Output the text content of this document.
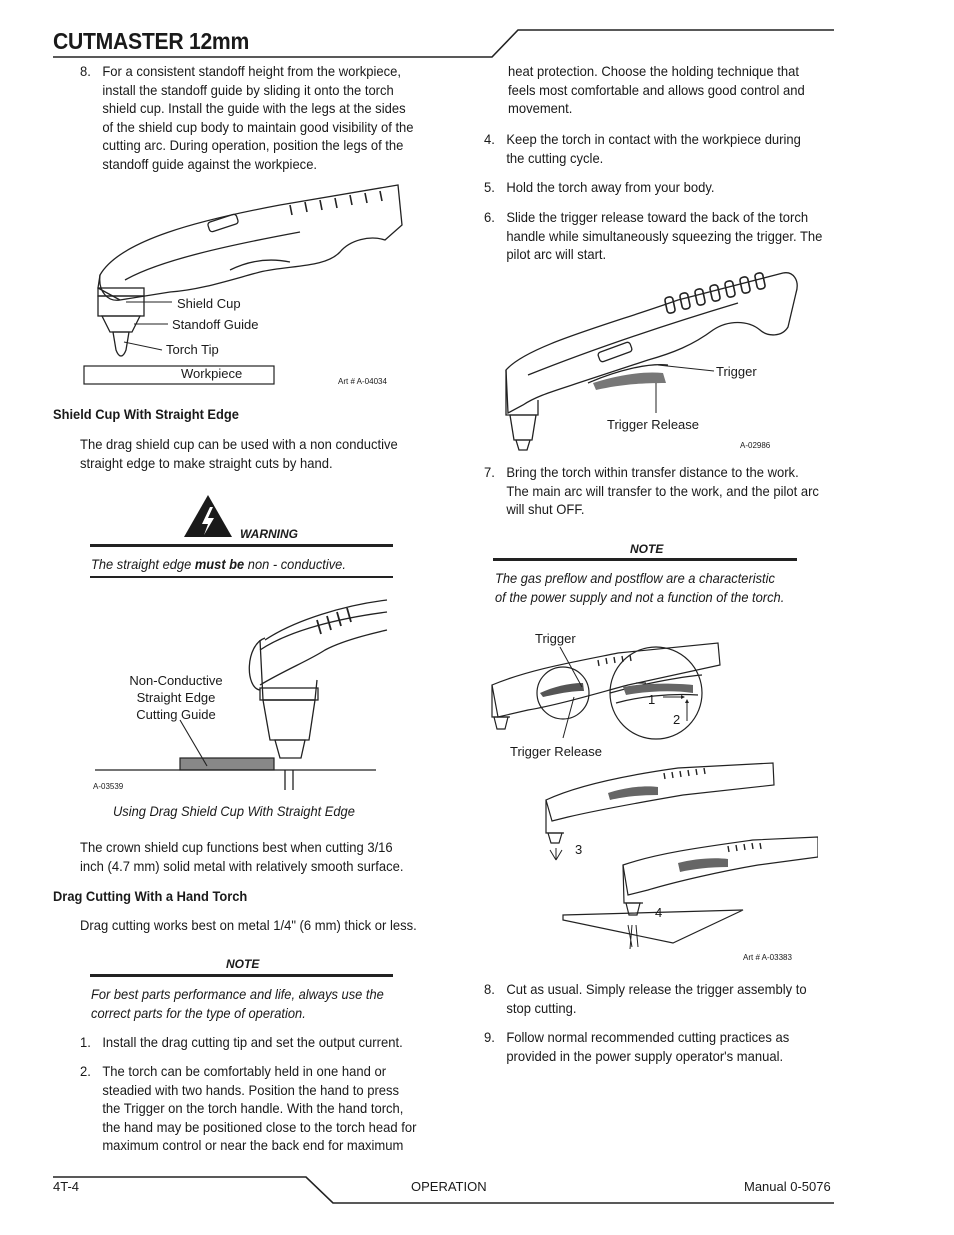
CUTMASTER 12mm
8. For a consistent standoff height from the workpiece,
install the standoff guide by sliding it onto the torch
shield cup. Install the guide with the legs at the sides
of the shield cup body to maintain good visibility of the
cutting arc. During operation, position the legs of the
standoff guide against the workpiece.
Shield Cup
Standoff Guide
Torch Tip
Workpiece
Art # A-04034
Shield Cup With Straight Edge
The drag shield cup can be used with a non conductive
straight edge to make straight cuts by hand.
WARNING
The straight edge must be non - conductive.
Non-Conductive
Straight Edge
Cutting Guide
A-03539
Using Drag Shield Cup With Straight Edge
The crown shield cup functions best when cutting 3/16
inch (4.7 mm) solid metal with relatively smooth surface.
Drag Cutting With a Hand Torch
Drag cutting works best on metal 1/4" (6 mm) thick or less.
NOTE
For best parts performance and life, always use the
correct parts for the type of operation.
1. Install the drag cutting tip and set the output current.
2. The torch can be comfortably held in one hand or
steadied with two hands. Position the hand to press
the Trigger on the torch handle. With the hand torch,
the hand may be positioned close to the torch head for
maximum control or near the back end for maximum
heat protection. Choose the holding technique that
feels most comfortable and allows good control and
movement.
4. Keep the torch in contact with the workpiece during
the cutting cycle.
5. Hold the torch away from your body.
6. Slide the trigger release toward the back of the torch
handle while simultaneously squeezing the trigger. The
pilot arc will start.
Trigger
Trigger Release
A-02986
7. Bring the torch within transfer distance to the work.
The main arc will transfer to the work, and the pilot arc
will shut OFF.
NOTE
The gas preflow and postflow are a characteristic
of the power supply and not a function of the torch.
Trigger
Trigger Release
1
2
3
4
Art # A-03383
8. Cut as usual. Simply release the trigger assembly to
stop cutting.
9. Follow normal recommended cutting practices as
provided in the power supply operator's manual.
4T-4	OPERATION	Manual 0-5076
